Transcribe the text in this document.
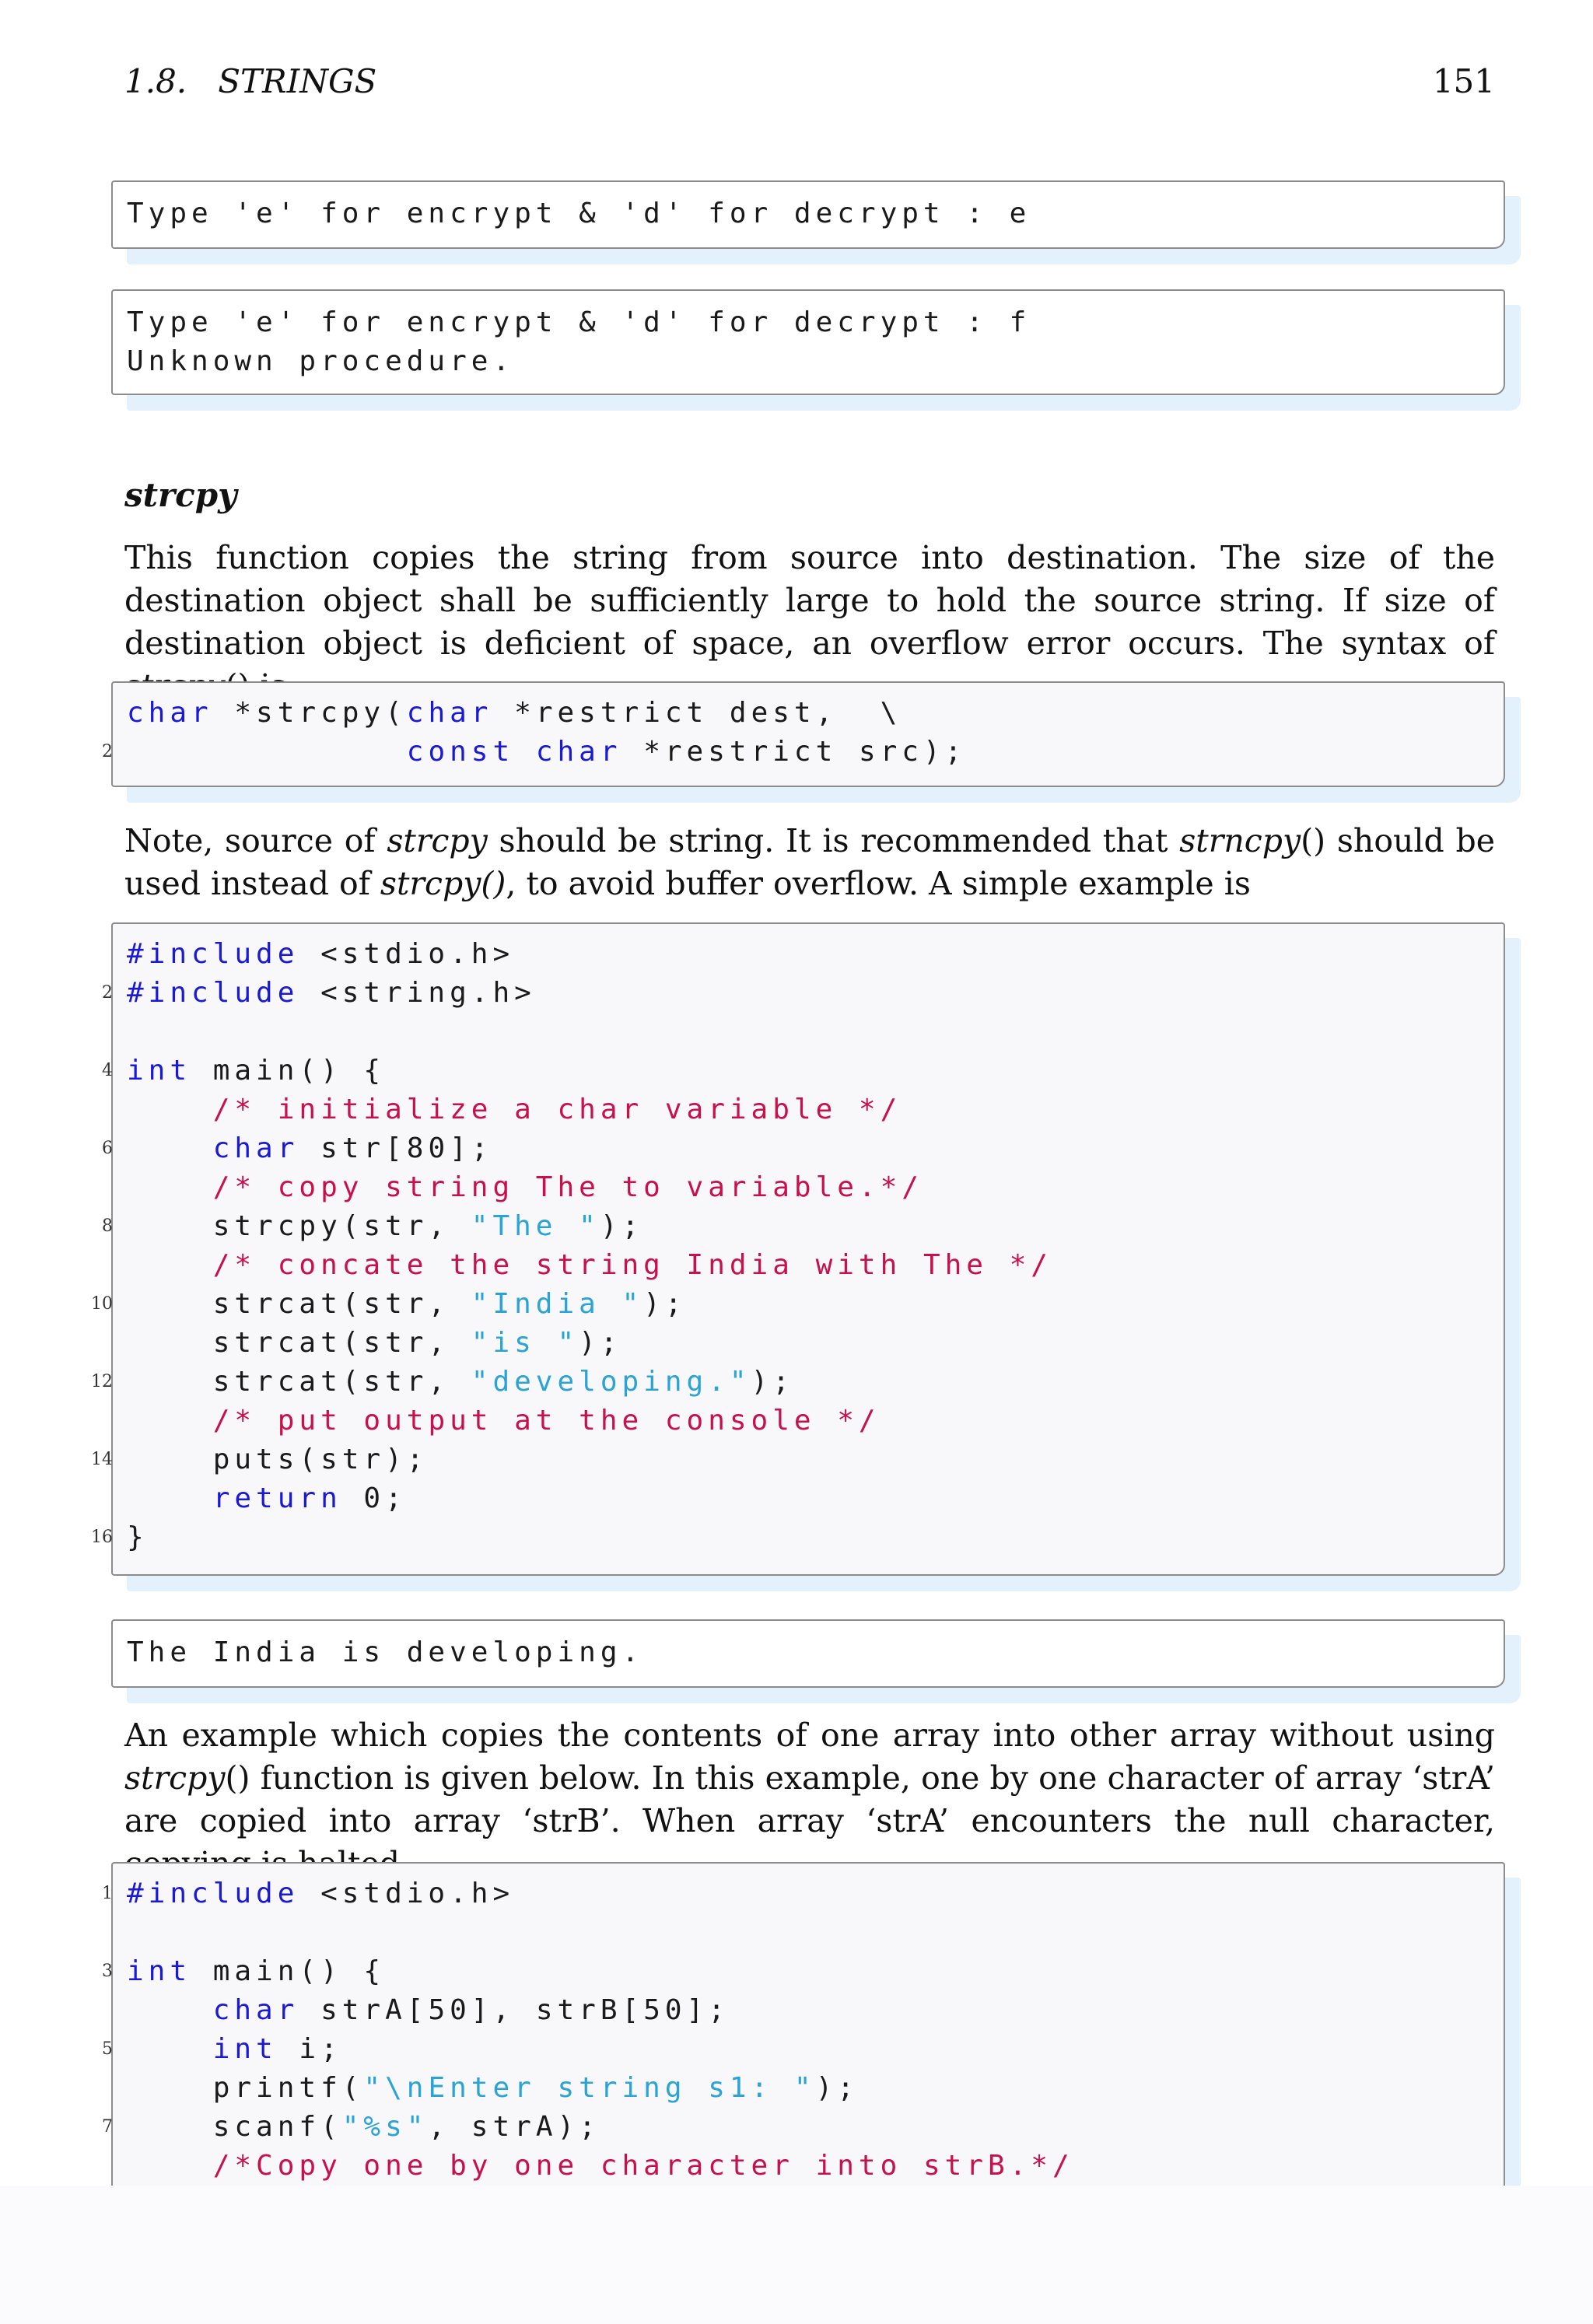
1.8.   STRINGS	151
Type 'e' for encrypt & 'd' for decrypt : e
Type 'e' for encrypt & 'd' for decrypt : f
Unknown procedure.
strcpy

This function copies the string from source into destination. The size of the destination object shall be sufficiently large to hold the source string. If size of destination object is deficient of space, an overflow error occurs. The syntax of

char *strcpy(char *restrict dest,  \
const char *restrict src);
2

Note, source of strcpy should be string. It is recommended that strncpy() should be used instead of strcpy(), to avoid buffer overflow. A simple example is

#include <stdio.h>
#include <string.h>
int main() {
/* initialize a char variable */
char str[80];
/* copy string The to variable.*/
strcpy(str, "The ");
/* concate the string India with The */
strcat(str, "India ");
strcat(str, "is ");
strcat(str, "developing.");
/* put output at the console */
puts(str);
return 0;
}
2
4
6
8
10
12
14
16
The India is developing.

An example which copies the contents of one array into other array without using strcpy() function is given below. In this example, one by one character of array ‘strA’ are copied into array ‘strB’. When array ‘strA’ encounters the null character,

#include <stdio.h>
int main() {
char strA[50], strB[50];
int i;
printf("\nEnter string s1: ");
scanf("%s", strA);
/*Copy one by one character into strB.*/
1
3
5
7
